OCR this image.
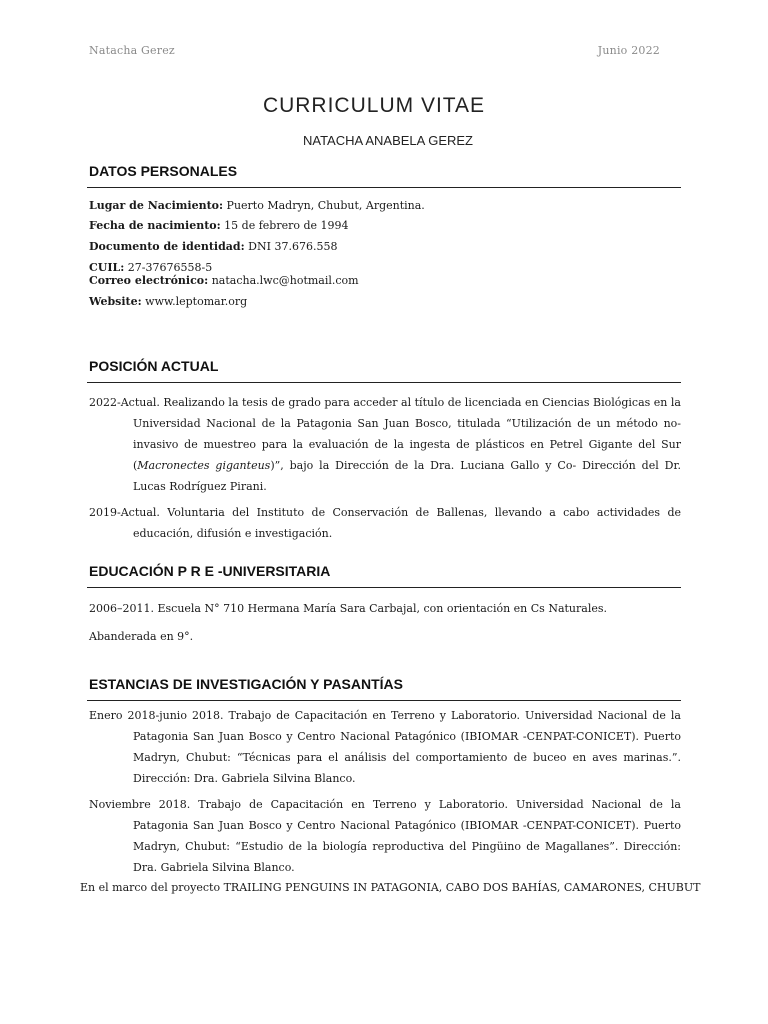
Natacha Gerez	Junio 2022
CURRICULUM VITAE
NATACHA ANABELA GEREZ
DATOS PERSONALES
Lugar de Nacimiento: Puerto Madryn, Chubut, Argentina.
Fecha de nacimiento: 15 de febrero de 1994
Documento de identidad: DNI 37.676.558
CUIL: 27-37676558-5
Correo electrónico: natacha.lwc@hotmail.com
Website: www.leptomar.org
POSICIÓN ACTUAL
2022-Actual. Realizando la tesis de grado para acceder al título de licenciada en Ciencias Biológicas en la Universidad Nacional de la Patagonia San Juan Bosco, titulada “Utilización de un método no-invasivo de muestreo para la evaluación de la ingesta de plásticos en Petrel Gigante del Sur (Macronectes giganteus)”, bajo la Dirección de la Dra. Luciana Gallo y Co- Dirección del Dr. Lucas Rodríguez Pirani.
2019-Actual. Voluntaria del Instituto de Conservación de Ballenas, llevando a cabo actividades de educación, difusión e investigación.
EDUCACIÓN P R E -UNIVERSITARIA
2006–2011. Escuela N° 710 Hermana María Sara Carbajal, con orientación en Cs Naturales.
Abanderada en 9°.
ESTANCIAS DE INVESTIGACIÓN Y PASANTÍAS
Enero 2018-junio 2018. Trabajo de Capacitación en Terreno y Laboratorio. Universidad Nacional de la Patagonia San Juan Bosco y Centro Nacional Patagónico (IBIOMAR -CENPAT-CONICET). Puerto Madryn, Chubut: “Técnicas para el análisis del comportamiento de buceo en aves marinas.”. Dirección: Dra. Gabriela Silvina Blanco.
Noviembre 2018. Trabajo de Capacitación en Terreno y Laboratorio. Universidad Nacional de la Patagonia San Juan Bosco y Centro Nacional Patagónico (IBIOMAR -CENPAT-CONICET). Puerto Madryn, Chubut: “Estudio de la biología reproductiva del Pingüino de Magallanes”. Dirección: Dra. Gabriela Silvina Blanco.
En el marco del proyecto TRAILING PENGUINS IN PATAGONIA, CABO DOS BAHÍAS, CAMARONES, CHUBUT
